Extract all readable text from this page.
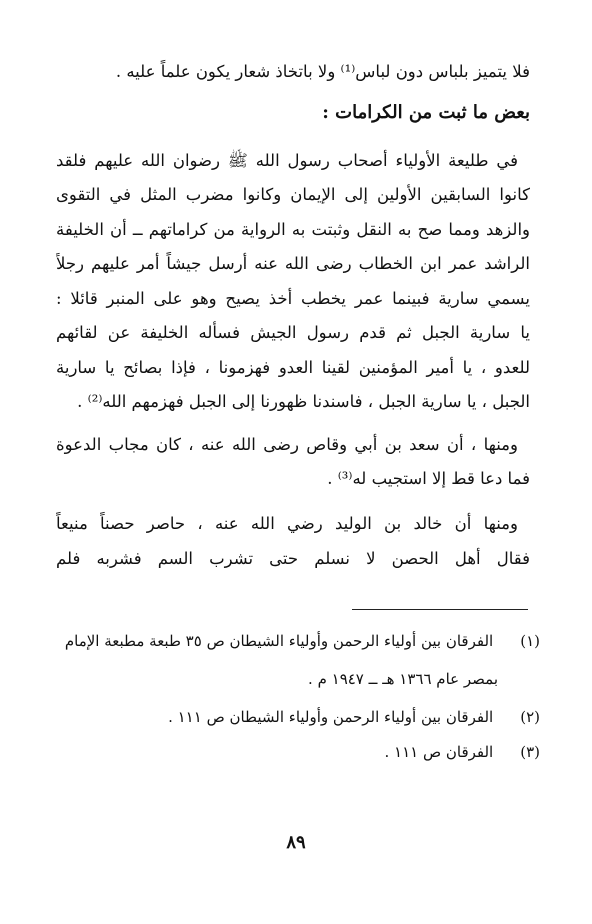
فلا يتميز بلباس دون لباس⁽¹⁾ ولا باتخاذ شعار يكون علماً عليه .
بعض ما ثبت من الكرامات :
في طليعة الأولياء أصحاب رسول الله ﷺ رضوان الله عليهم فلقد
كانوا السابقين الأولين إلى الإيمان وكانوا مضرب المثل في التقوى
والزهد ومما صح به النقل وثبتت به الرواية من كراماتهم ــ أن الخليفة
الراشد عمر ابن الخطاب رضى الله عنه أرسل جيشاً أمر عليهم رجلاً
يسمي سارية فبينما عمر يخطب أخذ يصيح وهو على المنبر قائلا :
يا سارية الجبل ثم قدم رسول الجيش فسأله الخليفة عن لقائهم
للعدو ، يا أمير المؤمنين لقينا العدو فهزمونا ، فإذا بصائح يا سارية
الجبل ، يا سارية الجبل ، فاسندنا ظهورنا إلى الجبل فهزمهم الله⁽²⁾ .
ومنها ، أن سعد بن أبي وقاص رضى الله عنه ، كان مجاب الدعوة
فما دعا قط إلا استجيب له⁽³⁾ .
ومنها أن خالد بن الوليد رضي الله عنه ، حاصر حصناً منيعاً
فقال أهل الحصن لا نسلم حتى تشرب السم فشربه فلم
(١) الفرقان بين أولياء الرحمن وأولياء الشيطان ص ٣٥ طبعة مطبعة الإمام
بمصر عام ١٣٦٦ هـ ــ ١٩٤٧ م .
(٢) الفرقان بين أولياء الرحمن وأولياء الشيطان ص ١١١ .
(٣) الفرقان ص ١١١ .
٨٩
